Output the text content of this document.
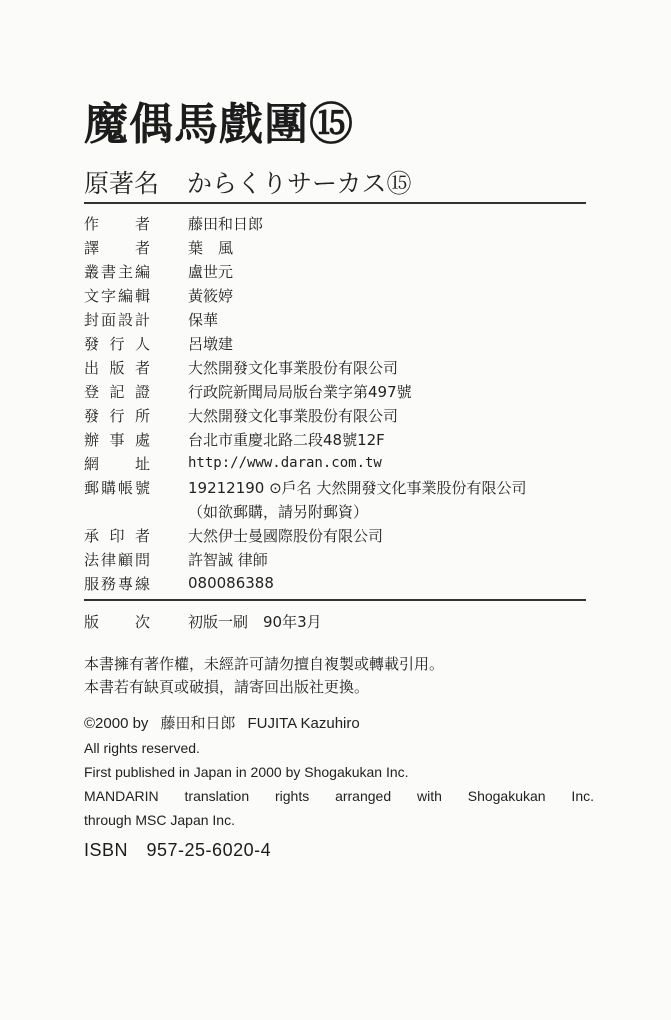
魔偶馬戲團⑮
原著名 からくりサーカス⑮
作　者	藤田和日郎
譯　者	葉　風
叢書主編	盧世元
文字編輯	黃筱婷
封面設計	保華
發行人	呂墩建
出版者	大然開發文化事業股份有限公司
登記證	行政院新聞局局版台業字第497號
發行所	大然開發文化事業股份有限公司
辦事處	台北市重慶北路二段48號12F
網　址	http://www.daran.com.tw
郵購帳號	19212190 ⊙戶名 大然開發文化事業股份有限公司
（如欲郵購，請另附郵資）
承印者	大然伊士曼國際股份有限公司
法律顧問	許智誠 律師
服務專線	080086388
版　次	初版一刷　90年3月
本書擁有著作權，未經許可請勿擅自複製或轉載引用。
本書若有缺頁或破損，請寄回出版社更換。
©2000 by 藤田和日郎 FUJITA Kazuhiro
All rights reserved.
First published in Japan in 2000 by Shogakukan Inc.
MANDARIN translation rights arranged with Shogakukan Inc.
through MSC Japan Inc.
ISBN　957-25-6020-4
